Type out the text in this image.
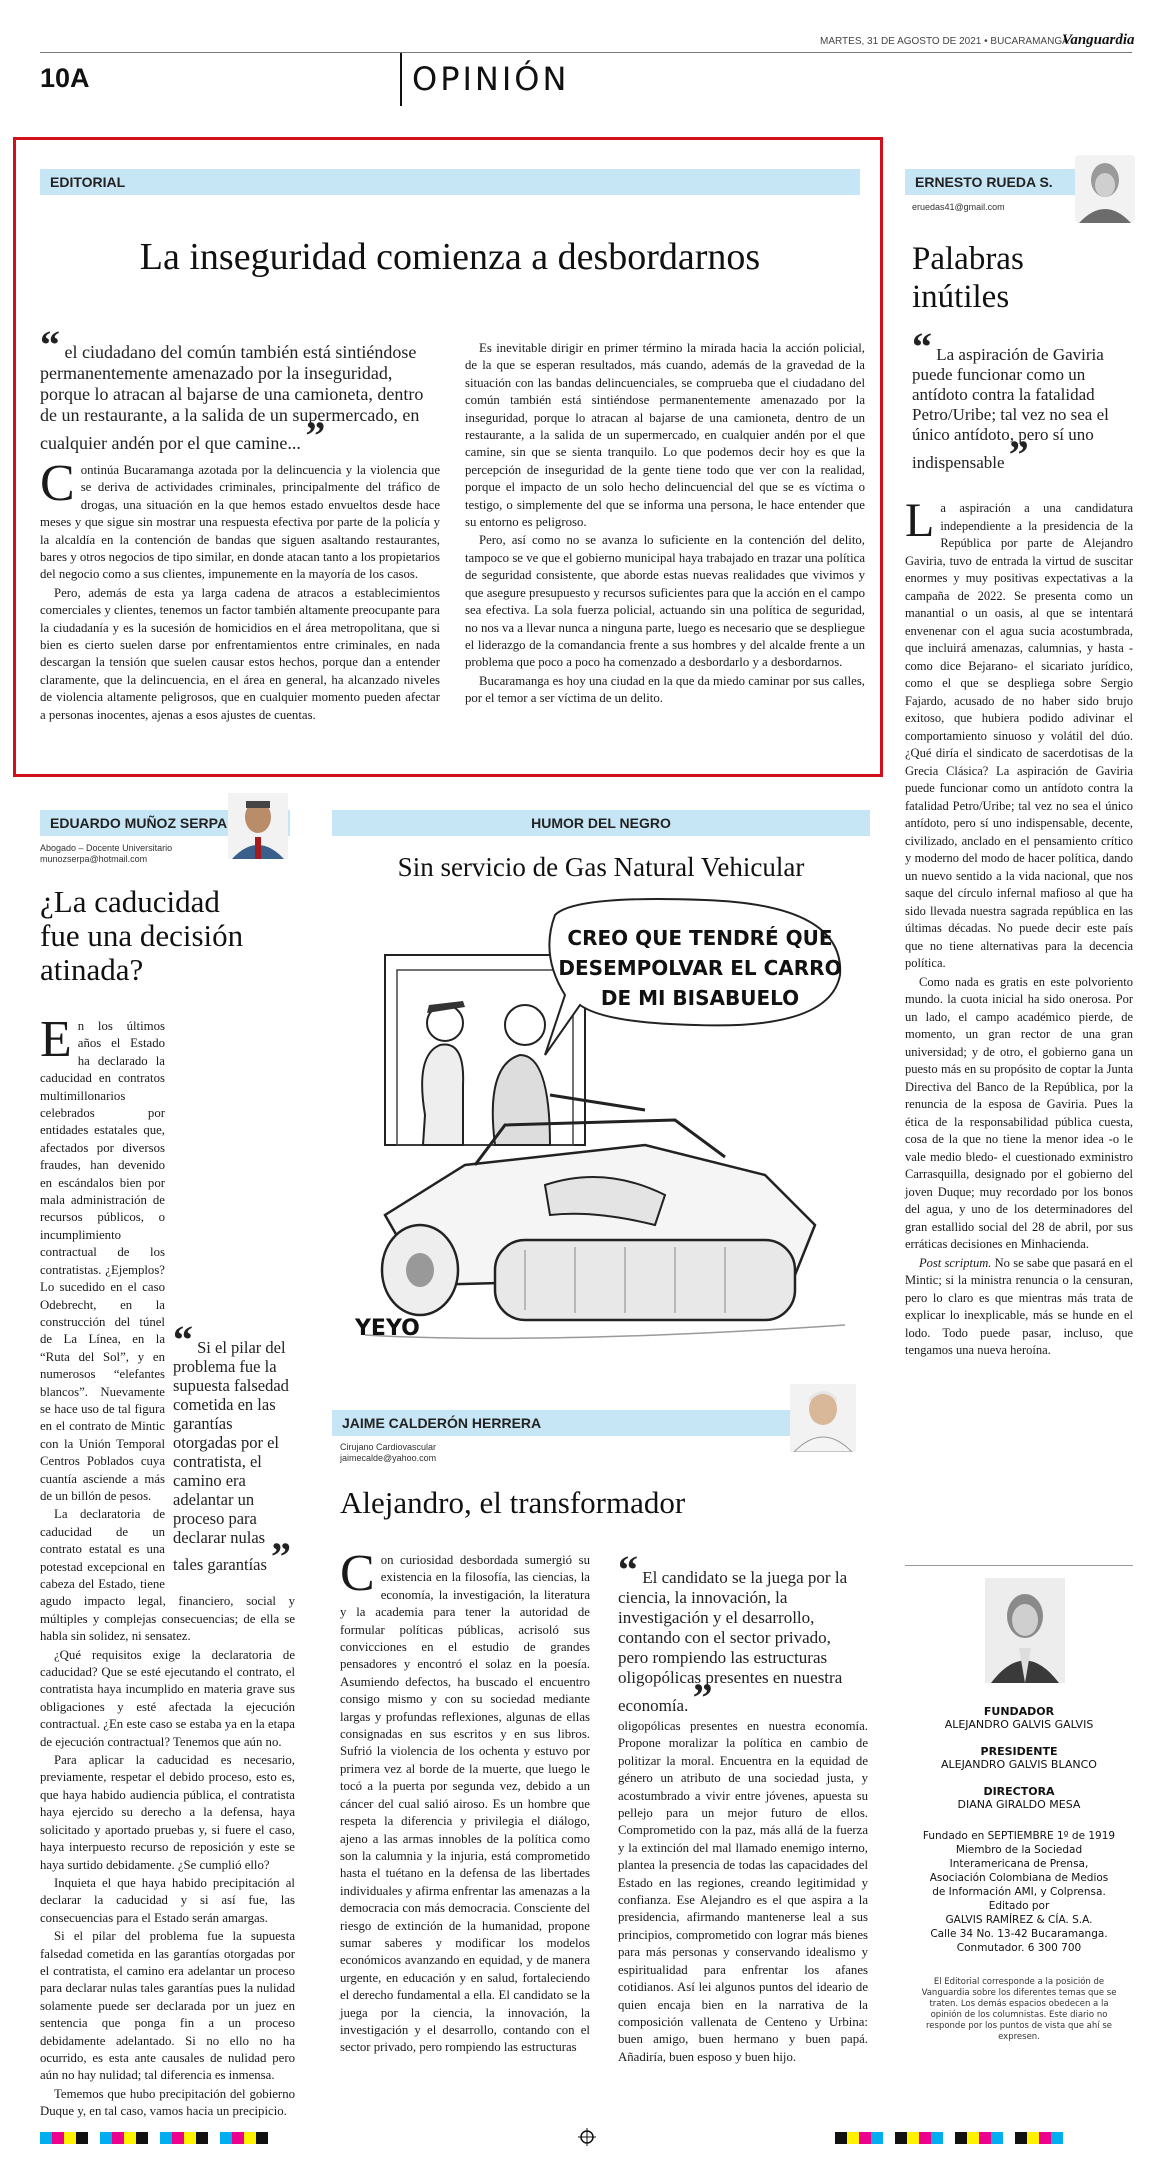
MARTES, 31 DE AGOSTO DE 2021 • BUCARAMANGA
Vanguardia
10A	OPINIÓN
EDITORIAL
La inseguridad comienza a desbordarnos
“ el ciudadano del común también está sintiéndose permanentemente amenazado por la inseguridad, porque lo atracan al bajarse de una camioneta, dentro de un restaurante, a la salida de un supermercado, en cualquier andén por el que camine... ”

Continúa Bucaramanga azotada por la delincuencia y la violencia que se deriva de actividades criminales, principalmente del tráfico de drogas, una situación en la que hemos estado envueltos desde hace meses y que sigue sin mostrar una respuesta efectiva por parte de la policía y la alcaldía en la contención de bandas que siguen asaltando restaurantes, bares y otros negocios de tipo similar, en donde atacan tanto a los propietarios del negocio como a sus clientes, impunemente en la mayoría de los casos.

Pero, además de esta ya larga cadena de atracos a establecimientos comerciales y clientes, tenemos un factor también altamente preocupante para la ciudadanía y es la sucesión de homicidios en el área metropolitana, que si bien es cierto suelen darse por enfrentamientos entre criminales, en nada descargan la tensión que suelen causar estos hechos, porque dan a entender claramente, que la delincuencia, en el área en general, ha alcanzado niveles de violencia altamente peligrosos, que en cualquier momento pueden afectar a personas inocentes, ajenas a esos ajustes de cuentas.

Es inevitable dirigir en primer término la mirada hacia la acción policial, de la que se esperan resultados, más cuando, además de la gravedad de la situación con las bandas delincuenciales, se comprueba que el ciudadano del común también está sintiéndose permanentemente amenazado por la inseguridad, porque lo atracan al bajarse de una camioneta, dentro de un restaurante, a la salida de un supermercado, en cualquier andén por el que camine, sin que se sienta tranquilo. Lo que podemos decir hoy es que la percepción de inseguridad de la gente tiene todo que ver con la realidad, porque el impacto de un solo hecho delincuencial del que se es víctima o testigo, o simplemente del que se informa una persona, le hace entender que su entorno es peligroso.

Pero, así como no se avanza lo suficiente en la contención del delito, tampoco se ve que el gobierno municipal haya trabajado en trazar una política de seguridad consistente, que aborde estas nuevas realidades que vivimos y que asegure presupuesto y recursos suficientes para que la acción en el campo sea efectiva. La sola fuerza policial, actuando sin una política de seguridad, no nos va a llevar nunca a ninguna parte, luego es necesario que se despliegue el liderazgo de la comandancia frente a sus hombres y del alcalde frente a un problema que poco a poco ha comenzado a desbordarlo y a desbordarnos.

Bucaramanga es hoy una ciudad en la que da miedo caminar por sus calles, por el temor a ser víctima de un delito.

ERNESTO RUEDA S.
eruedas41@gmail.com
Palabras
inútiles
“ La aspiración de Gaviria puede funcionar como un antídoto contra la fatalidad Petro/Uribe; tal vez no sea el único antídoto, pero sí uno indispensable ”

La aspiración a una candidatura independiente a la presidencia de la República por parte de Alejandro Gaviria, tuvo de entrada la virtud de suscitar enormes y muy positivas expectativas a la campaña de 2022. Se presenta como un manantial o un oasis, al que se intentará envenenar con el agua sucia acostumbrada, que incluirá amenazas, calumnias, y hasta -como dice Bejarano- el sicariato jurídico, como el que se despliega sobre Sergio Fajardo, acusado de no haber sido brujo exitoso, que hubiera podido adivinar el comportamiento sinuoso y volátil del dúo. ¿Qué diría el sindicato de sacerdotisas de la Grecia Clásica? La aspiración de Gaviria puede funcionar como un antídoto contra la fatalidad Petro/Uribe; tal vez no sea el único antídoto, pero sí uno indispensable, decente, civilizado, anclado en el pensamiento crítico y moderno del modo de hacer política, dando un nuevo sentido a la vida nacional, que nos saque del círculo infernal mafioso al que ha sido llevada nuestra sagrada república en las últimas décadas. No puede decir este país que no tiene alternativas para la decencia política.

Como nada es gratis en este polvoriento mundo. la cuota inicial ha sido onerosa. Por un lado, el campo académico pierde, de momento, un gran rector de una gran universidad; y de otro, el gobierno gana un puesto más en su propósito de coptar la Junta Directiva del Banco de la República, por la renuncia de la esposa de Gaviria. Pues la ética de la responsabilidad pública cuesta, cosa de la que no tiene la menor idea -o le vale medio bledo- el cuestionado exministro Carrasquilla, designado por el gobierno del joven Duque; muy recordado por los bonos del agua, y uno de los determinadores del gran estallido social del 28 de abril, por sus erráticas decisiones en Minhacienda.

Post scriptum. No se sabe que pasará en el Mintic; si la ministra renuncia o la censuran, pero lo claro es que mientras más trata de explicar lo inexplicable, más se hunde en el lodo. Todo puede pasar, incluso, que tengamos una nueva heroína.

EDUARDO MUÑOZ SERPA
Abogado – Docente Universitario
munozserpa@hotmail.com
¿La caducidad
fue una decisión
atinada?
“ Si el pilar del problema fue la supuesta falsedad cometida en las garantías otorgadas por el contratista, el camino era adelantar un proceso para declarar nulas tales garantías ”

En los últimos años el Estado ha declarado la caducidad en contratos multimillonarios celebrados por entidades estatales que, afectados por diversos fraudes, han devenido en escándalos bien por mala administración de recursos públicos, o incumplimiento contractual de los contratistas. ¿Ejemplos? Lo sucedido en el caso Odebrecht, en la construcción del túnel de La Línea, en la “Ruta del Sol”, y en numerosos “elefantes blancos”. Nuevamente se hace uso de tal figura en el contrato de Mintic con la Unión Temporal Centros Poblados cuya cuantía asciende a más de un billón de pesos.

La declaratoria de caducidad de un contrato estatal es una potestad excepcional en cabeza del Estado, tiene agudo impacto legal, financiero, social y múltiples y complejas consecuencias; de ella se habla sin solidez, ni sensatez.

¿Qué requisitos exige la declaratoria de caducidad? Que se esté ejecutando el contrato, el contratista haya incumplido en materia grave sus obligaciones y esté afectada la ejecución contractual. ¿En este caso se estaba ya en la etapa de ejecución contractual? Tenemos que aún no.

Para aplicar la caducidad es necesario, previamente, respetar el debido proceso, esto es, que haya habido audiencia pública, el contratista haya ejercido su derecho a la defensa, haya solicitado y aportado pruebas y, si fuere el caso, haya interpuesto recurso de reposición y este se haya surtido debidamente. ¿Se cumplió ello?

Inquieta el que haya habido precipitación al declarar la caducidad y si así fue, las consecuencias para el Estado serán amargas.

Si el pilar del problema fue la supuesta falsedad cometida en las garantías otorgadas por el contratista, el camino era adelantar un proceso para declarar nulas tales garantías pues la nulidad solamente puede ser declarada por un juez en sentencia que ponga fin a un proceso debidamente adelantado. Si no ello no ha ocurrido, es esta ante causales de nulidad pero aún no hay nulidad; tal diferencia es inmensa.

Tememos que hubo precipitación del gobierno Duque y, en tal caso, vamos hacia un precipicio.

HUMOR DEL NEGRO
Sin servicio de Gas Natural Vehicular
CREO QUE TENDRÉ QUE
DESEMPOLVAR EL CARRO
DE MI BISABUELO
YEYO
JAIME CALDERÓN HERRERA
Cirujano Cardiovascular
jaimecalde@yahoo.com
Alejandro, el transformador

Con curiosidad desbordada sumergió su existencia en la filosofía, las ciencias, la economía, la investigación, la literatura y la academia para tener la autoridad de formular políticas públicas, acrisoló sus convicciones en el estudio de grandes pensadores y encontró el solaz en la poesía. Asumiendo defectos, ha buscado el encuentro consigo mismo y con su sociedad mediante largas y profundas reflexiones, algunas de ellas consignadas en sus escritos y en sus libros. Sufrió la violencia de los ochenta y estuvo por primera vez al borde de la muerte, que luego le tocó a la puerta por segunda vez, debido a un cáncer del cual salió airoso. Es un hombre que respeta la diferencia y privilegia el diálogo, ajeno a las armas innobles de la política como son la calumnia y la injuria, está comprometido hasta el tuétano en la defensa de las libertades individuales y afirma enfrentar las amenazas a la democracia con más democracia. Consciente del riesgo de extinción de la humanidad, propone sumar saberes y modificar los modelos económicos avanzando en equidad, y de manera urgente, en educación y en salud, fortaleciendo el derecho fundamental a ella. El candidato se la juega por la ciencia, la innovación, la investigación y el desarrollo, contando con el sector privado, pero rompiendo las estructuras

“ El candidato se la juega por la ciencia, la innovación, la investigación y el desarrollo, contando con el sector privado, pero rompiendo las estructuras oligopólicas presentes en nuestra economía. ”

oligopólicas presentes en nuestra economía. Propone moralizar la política en cambio de politizar la moral. Encuentra en la equidad de género un atributo de una sociedad justa, y acostumbrado a vivir entre jóvenes, apuesta su pellejo para un mejor futuro de ellos. Comprometido con la paz, más allá de la fuerza y la extinción del mal llamado enemigo interno, plantea la presencia de todas las capacidades del Estado en las regiones, creando legitimidad y confianza. Ese Alejandro es el que aspira a la presidencia, afirmando mantenerse leal a sus principios, comprometido con lograr más bienes para más personas y conservando idealismo y espiritualidad para enfrentar los afanes cotidianos. Así lei algunos puntos del ideario de quien encaja bien en la narrativa de la composición vallenata de Centeno y Urbina: buen amigo, buen hermano y buen papá. Añadiría, buen esposo y buen hijo.

FUNDADOR
ALEJANDRO GALVIS GALVIS
PRESIDENTE
ALEJANDRO GALVIS BLANCO
DIRECTORA
DIANA GIRALDO MESA
Fundado en SEPTIEMBRE 1º de 1919
Miembro de la Sociedad
Interamericana de Prensa,
Asociación Colombiana de Medios
de Información AMI, y Colprensa.
Editado por
GALVIS RAMÍREZ & CÍA. S.A.
Calle 34 No. 13-42 Bucaramanga.
Conmutador. 6 300 700
El Editorial corresponde a la posición de Vanguardia sobre los diferentes temas que se traten. Los demás espacios obedecen a la opinión de los columnistas. Este diario no responde por los puntos de vista que ahí se expresen.
